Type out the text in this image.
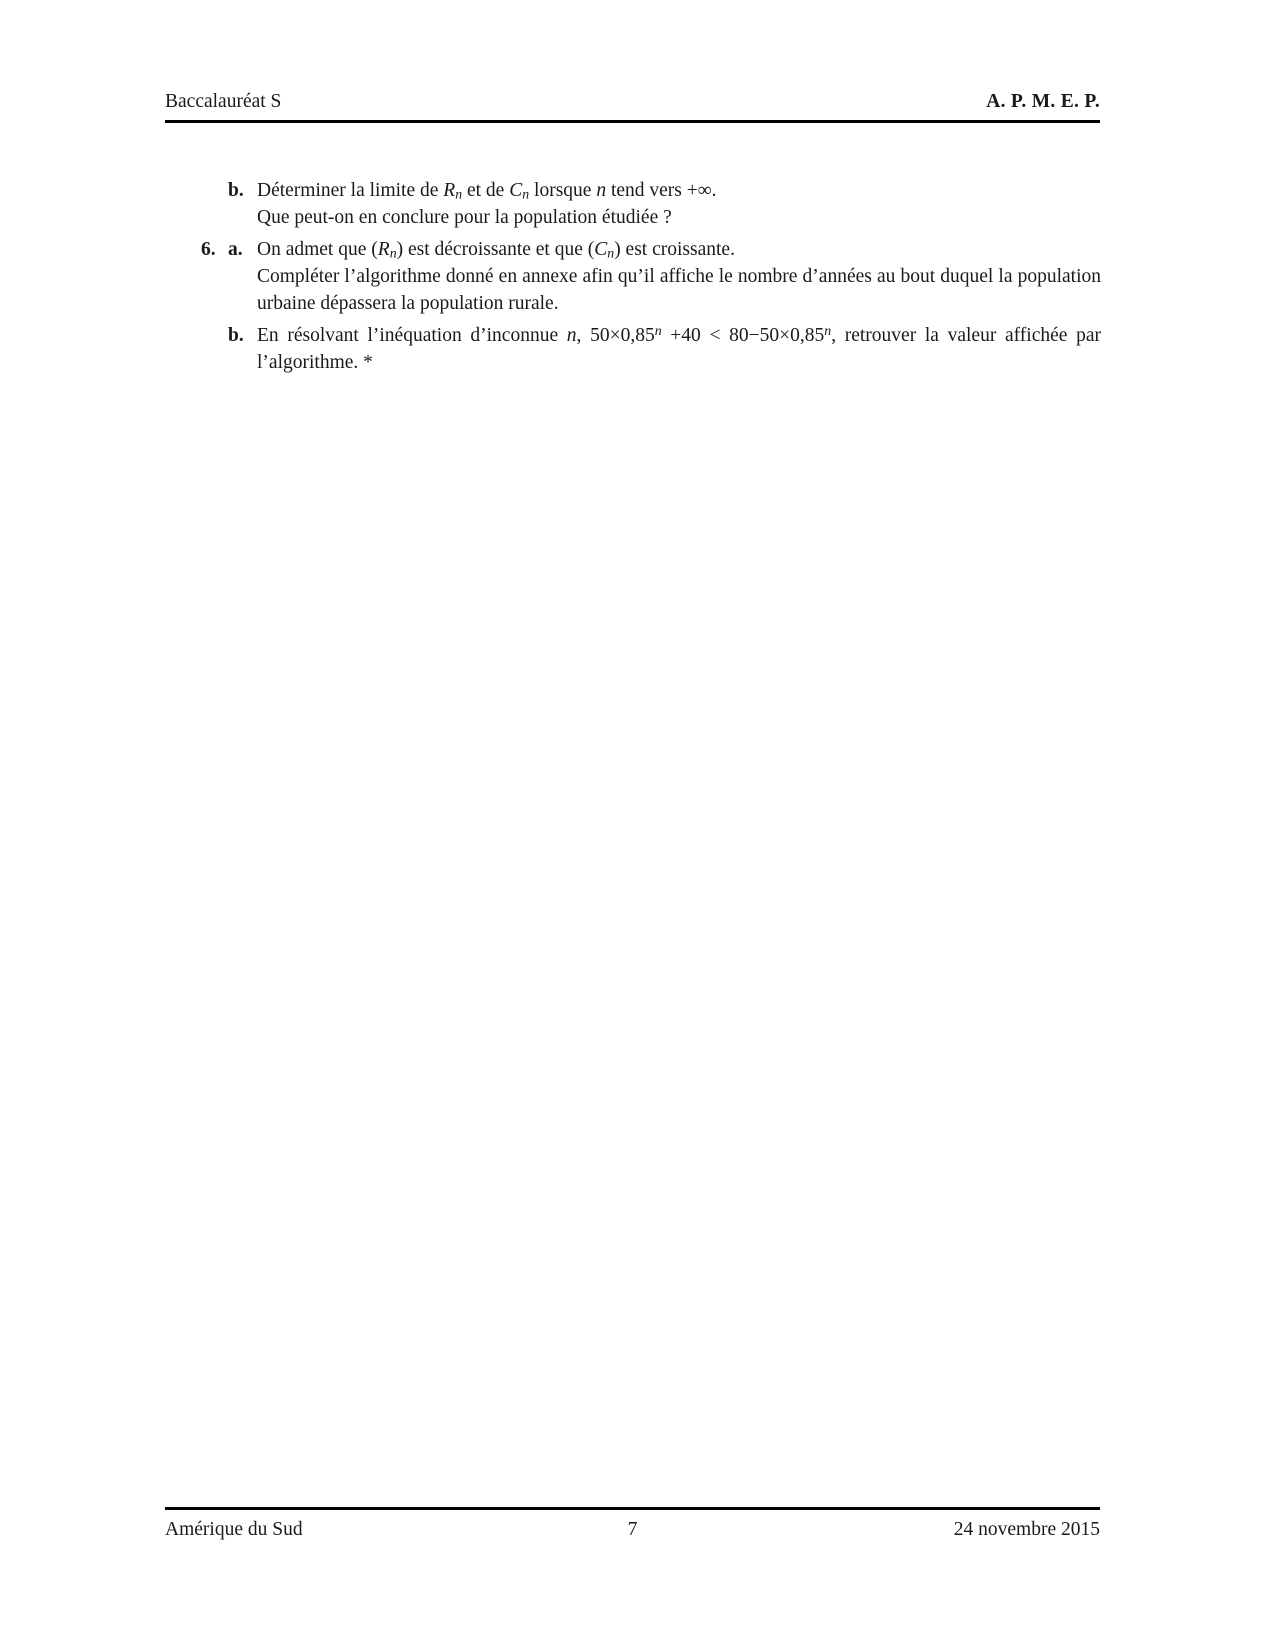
Baccalauréat S	A. P. M. E. P.
b. Déterminer la limite de $R_n$ et de $C_n$ lorsque n tend vers +∞.
Que peut-on en conclure pour la population étudiée ?
6. a. On admet que $(R_n)$ est décroissante et que $(C_n)$ est croissante.
Compléter l’algorithme donné en annexe afin qu’il affiche le nombre d’années au bout duquel la population urbaine dépassera la population rurale.
b. En résolvant l’inéquation d’inconnue n, $50\times 0,85^n +40 < 80-50\times 0,85^n$, retrouver la valeur affichée par l’algorithme. *
Amérique du Sud	7	24 novembre 2015
